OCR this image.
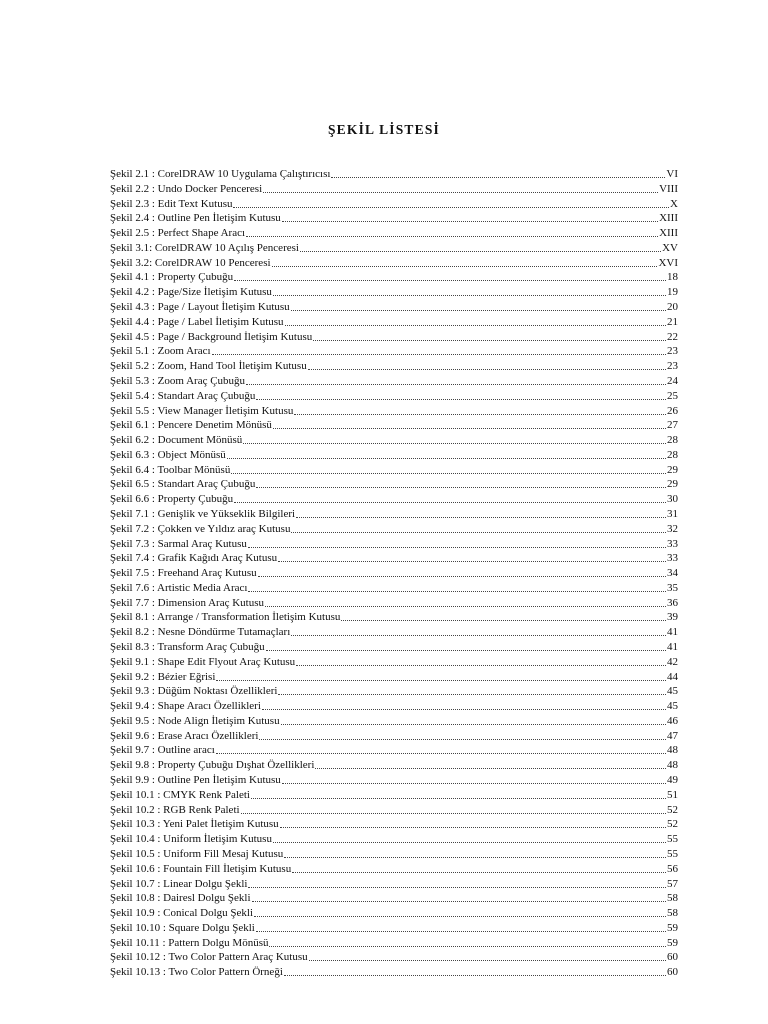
ŞEKİL LİSTESİ
Şekil 2.1 : CorelDRAW 10 Uygulama Çalıştırıcısı	VI
Şekil 2.2 : Undo Docker Penceresi	VIII
Şekil 2.3 : Edit Text Kutusu	X
Şekil 2.4 : Outline Pen İletişim Kutusu	XIII
Şekil 2.5 : Perfect Shape Aracı	XIII
Şekil 3.1: CorelDRAW 10 Açılış Penceresi	XV
Şekil 3.2: CorelDRAW 10 Penceresi	XVI
Şekil 4.1 : Property Çubuğu	18
Şekil 4.2 : Page/Size İletişim Kutusu	19
Şekil 4.3 : Page / Layout İletişim Kutusu	20
Şekil 4.4 : Page / Label İletişim Kutusu	21
Şekil 4.5 : Page / Background İletişim Kutusu	22
Şekil 5.1 : Zoom Aracı	23
Şekil 5.2 : Zoom, Hand Tool İletişim Kutusu	23
Şekil 5.3 : Zoom Araç Çubuğu	24
Şekil 5.4 : Standart Araç Çubuğu	25
Şekil 5.5 : View Manager İletişim Kutusu	26
Şekil 6.1 : Pencere Denetim Mönüsü	27
Şekil 6.2 : Document Mönüsü	28
Şekil 6.3 : Object Mönüsü	28
Şekil 6.4 : Toolbar Mönüsü	29
Şekil 6.5 : Standart Araç Çubuğu	29
Şekil 6.6 : Property Çubuğu	30
Şekil 7.1 : Genişlik ve Yükseklik Bilgileri	31
Şekil 7.2 : Çokken ve Yıldız araç Kutusu	32
Şekil 7.3 : Sarmal Araç Kutusu	33
Şekil 7.4 : Grafik Kağıdı Araç Kutusu	33
Şekil 7.5 : Freehand Araç Kutusu	34
Şekil 7.6 : Artistic Media Aracı	35
Şekil 7.7 : Dimension Araç Kutusu	36
Şekil 8.1 : Arrange / Transformation İletişim Kutusu	39
Şekil 8.2 : Nesne Döndürme Tutamaçları	41
Şekil 8.3 : Transform Araç Çubuğu	41
Şekil 9.1 : Shape Edit Flyout Araç Kutusu	42
Şekil 9.2 : Bézier Eğrisi	44
Şekil 9.3 : Düğüm Noktası Özellikleri	45
Şekil 9.4 : Shape Aracı Özellikleri	45
Şekil 9.5 : Node Align İletişim Kutusu	46
Şekil 9.6 : Erase Aracı Özellikleri	47
Şekil 9.7 : Outline aracı	48
Şekil 9.8 : Property Çubuğu Dışhat Özellikleri	48
Şekil 9.9 : Outline Pen İletişim Kutusu	49
Şekil 10.1 : CMYK Renk Paleti	51
Şekil 10.2 : RGB Renk Paleti	52
Şekil 10.3 : Yeni Palet İletişim Kutusu	52
Şekil 10.4 : Uniform İletişim Kutusu	55
Şekil 10.5 : Uniform Fill Mesaj Kutusu	55
Şekil 10.6 : Fountain Fill İletişim Kutusu	56
Şekil 10.7 : Linear Dolgu Şekli	57
Şekil 10.8 : Dairesl Dolgu Şekli	58
Şekil 10.9 : Conical Dolgu Şekli	58
Şekil 10.10 : Square Dolgu Şekli	59
Şekil 10.11 : Pattern Dolgu Mönüsü	59
Şekil 10.12 : Two Color Pattern Araç Kutusu	60
Şekil 10.13 : Two Color Pattern Örneği	60
